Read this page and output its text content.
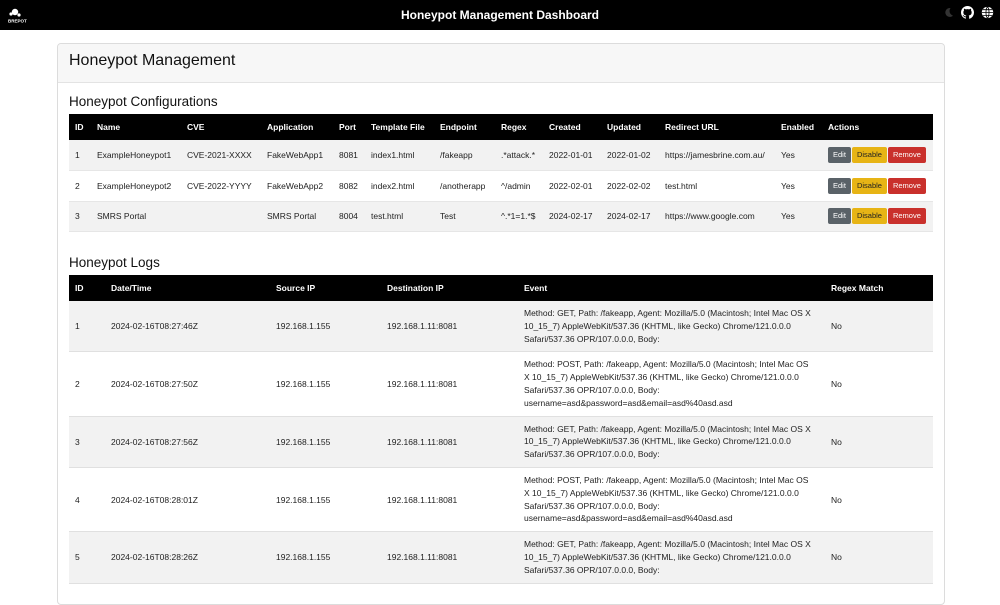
BREPOT	Honeypot Management Dashboard
Honeypot Management
Honeypot Configurations
ID	Name	CVE	Application	Port	Template File	Endpoint	Regex	Created	Updated	Redirect URL	Enabled	Actions
1	ExampleHoneypot1	CVE-2021-XXXX	FakeWebApp1	8081	index1.html	/fakeapp	.*attack.*	2022-01-01	2022-01-02	https://jamesbrine.com.au/	Yes	Edit Disable Remove
2	ExampleHoneypot2	CVE-2022-YYYY	FakeWebApp2	8082	index2.html	/anotherapp	^/admin	2022-02-01	2022-02-02	test.html	Yes	Edit Disable Remove
3	SMRS Portal		SMRS Portal	8004	test.html	Test	^.*1=1.*$	2024-02-17	2024-02-17	https://www.google.com	Yes	Edit Disable Remove
Honeypot Logs
ID	Date/Time	Source IP	Destination IP	Event	Regex Match
1	2024-02-16T08:27:46Z	192.168.1.155	192.168.1.11:8081	Method: GET, Path: /fakeapp, Agent: Mozilla/5.0 (Macintosh; Intel Mac OS X 10_15_7) AppleWebKit/537.36 (KHTML, like Gecko) Chrome/121.0.0.0 Safari/537.36 OPR/107.0.0.0, Body:	No
2	2024-02-16T08:27:50Z	192.168.1.155	192.168.1.11:8081	Method: POST, Path: /fakeapp, Agent: Mozilla/5.0 (Macintosh; Intel Mac OS X 10_15_7) AppleWebKit/537.36 (KHTML, like Gecko) Chrome/121.0.0.0 Safari/537.36 OPR/107.0.0.0, Body: username=asd&password=asd&email=asd%40asd.asd	No
3	2024-02-16T08:27:56Z	192.168.1.155	192.168.1.11:8081	Method: GET, Path: /fakeapp, Agent: Mozilla/5.0 (Macintosh; Intel Mac OS X 10_15_7) AppleWebKit/537.36 (KHTML, like Gecko) Chrome/121.0.0.0 Safari/537.36 OPR/107.0.0.0, Body:	No
4	2024-02-16T08:28:01Z	192.168.1.155	192.168.1.11:8081	Method: POST, Path: /fakeapp, Agent: Mozilla/5.0 (Macintosh; Intel Mac OS X 10_15_7) AppleWebKit/537.36 (KHTML, like Gecko) Chrome/121.0.0.0 Safari/537.36 OPR/107.0.0.0, Body: username=asd&password=asd&email=asd%40asd.asd	No
5	2024-02-16T08:28:26Z	192.168.1.155	192.168.1.11:8081	Method: GET, Path: /fakeapp, Agent: Mozilla/5.0 (Macintosh; Intel Mac OS X 10_15_7) AppleWebKit/537.36 (KHTML, like Gecko) Chrome/121.0.0.0 Safari/537.36 OPR/107.0.0.0, Body:	No
